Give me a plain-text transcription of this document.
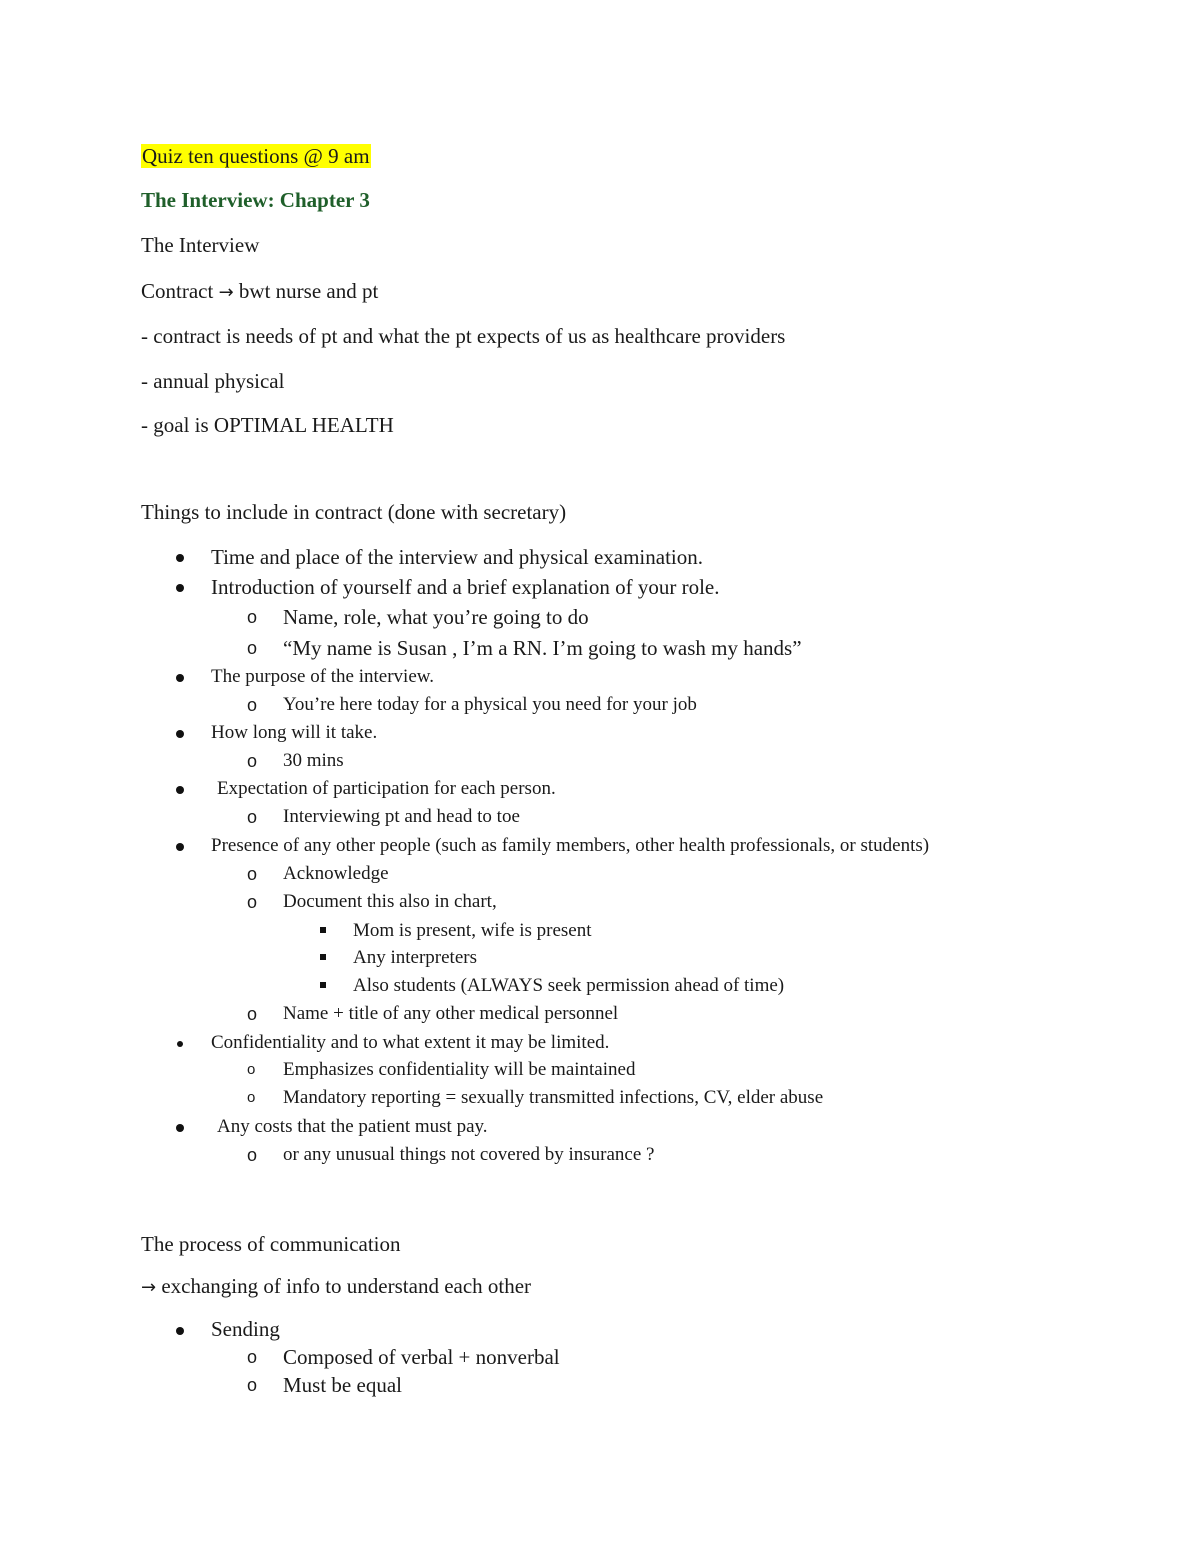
Quiz ten questions @ 9 am
The Interview: Chapter 3
The Interview
Contract → bwt nurse and pt
- contract is needs of pt and what the pt expects of us as healthcare providers
- annual physical
- goal is OPTIMAL HEALTH
Things to include in contract (done with secretary)
Time and place of the interview and physical examination.
Introduction of yourself and a brief explanation of your role.
o Name, role, what you’re going to do
o “My name is Susan , I’m a RN. I’m going to wash my hands”
The purpose of the interview.
o You’re here today for a physical you need for your job
How long will it take.
o 30 mins
Expectation of participation for each person.
o Interviewing pt and head to toe
Presence of any other people (such as family members, other health professionals, or students)
o Acknowledge
o Document this also in chart,
Mom is present, wife is present
Any interpreters
Also students (ALWAYS seek permission ahead of time)
o Name + title of any other medical personnel
Confidentiality and to what extent it may be limited.
o Emphasizes confidentiality will be maintained
o Mandatory reporting = sexually transmitted infections, CV, elder abuse
Any costs that the patient must pay.
o or any unusual things not covered by insurance ?
The process of communication
→ exchanging of info to understand each other
Sending
o Composed of verbal + nonverbal
o Must be equal
